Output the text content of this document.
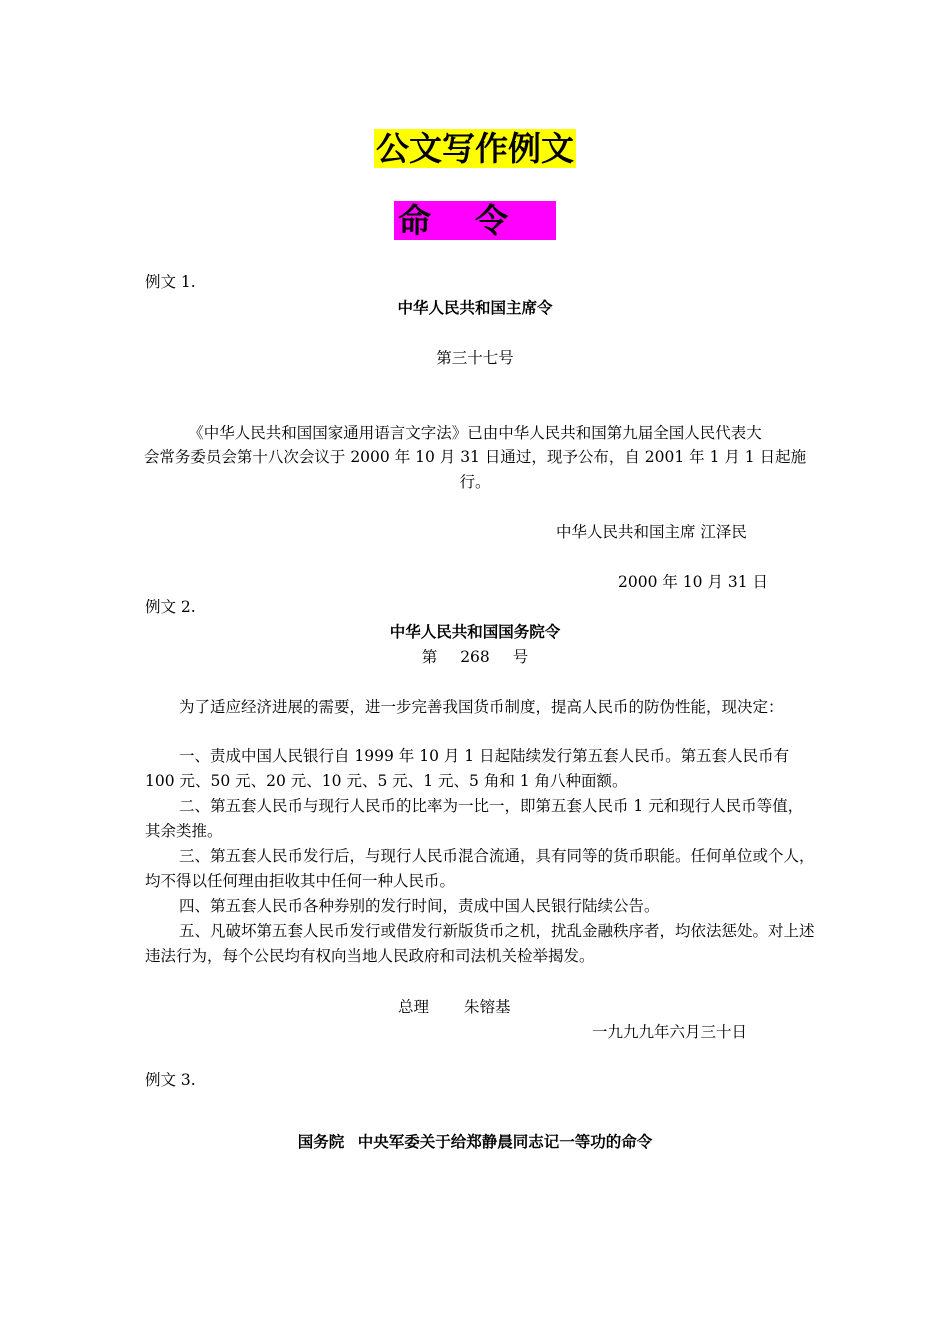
公文写作例文
命令
例文 1.
中华人民共和国主席令
第三十七号
《中华人民共和国国家通用语言文字法》已由中华人民共和国第九届全国人民代表大
会常务委员会第十八次会议于 2000 年 10 月 31 日通过，现予公布，自 2001 年 1 月 1 日起施
行。
中华人民共和国主席 江泽民
2000 年 10 月 31 日
例文 2.
中华人民共和国国务院令
第 268 号
为了适应经济进展的需要，进一步完善我国货币制度，提高人民币的防伪性能，现决定：
一、责成中国人民银行自 1999 年 10 月 1 日起陆续发行第五套人民币。第五套人民币有 100 元、50 元、20 元、10 元、5 元、1 元、5 角和 1 角八种面额。
二、第五套人民币与现行人民币的比率为一比一，即第五套人民币 1 元和现行人民币等值，其余类推。
三、第五套人民币发行后，与现行人民币混合流通，具有同等的货币职能。任何单位或个人，均不得以任何理由拒收其中任何一种人民币。
四、第五套人民币各种券别的发行时间，责成中国人民银行陆续公告。
五、凡破坏第五套人民币发行或借发行新版货币之机，扰乱金融秩序者，均依法惩处。对上述违法行为，每个公民均有权向当地人民政府和司法机关检举揭发。
总理 朱镕基
一九九九年六月三十日
例文 3.
国务院 中央军委关于给郑静晨同志记一等功的命令
